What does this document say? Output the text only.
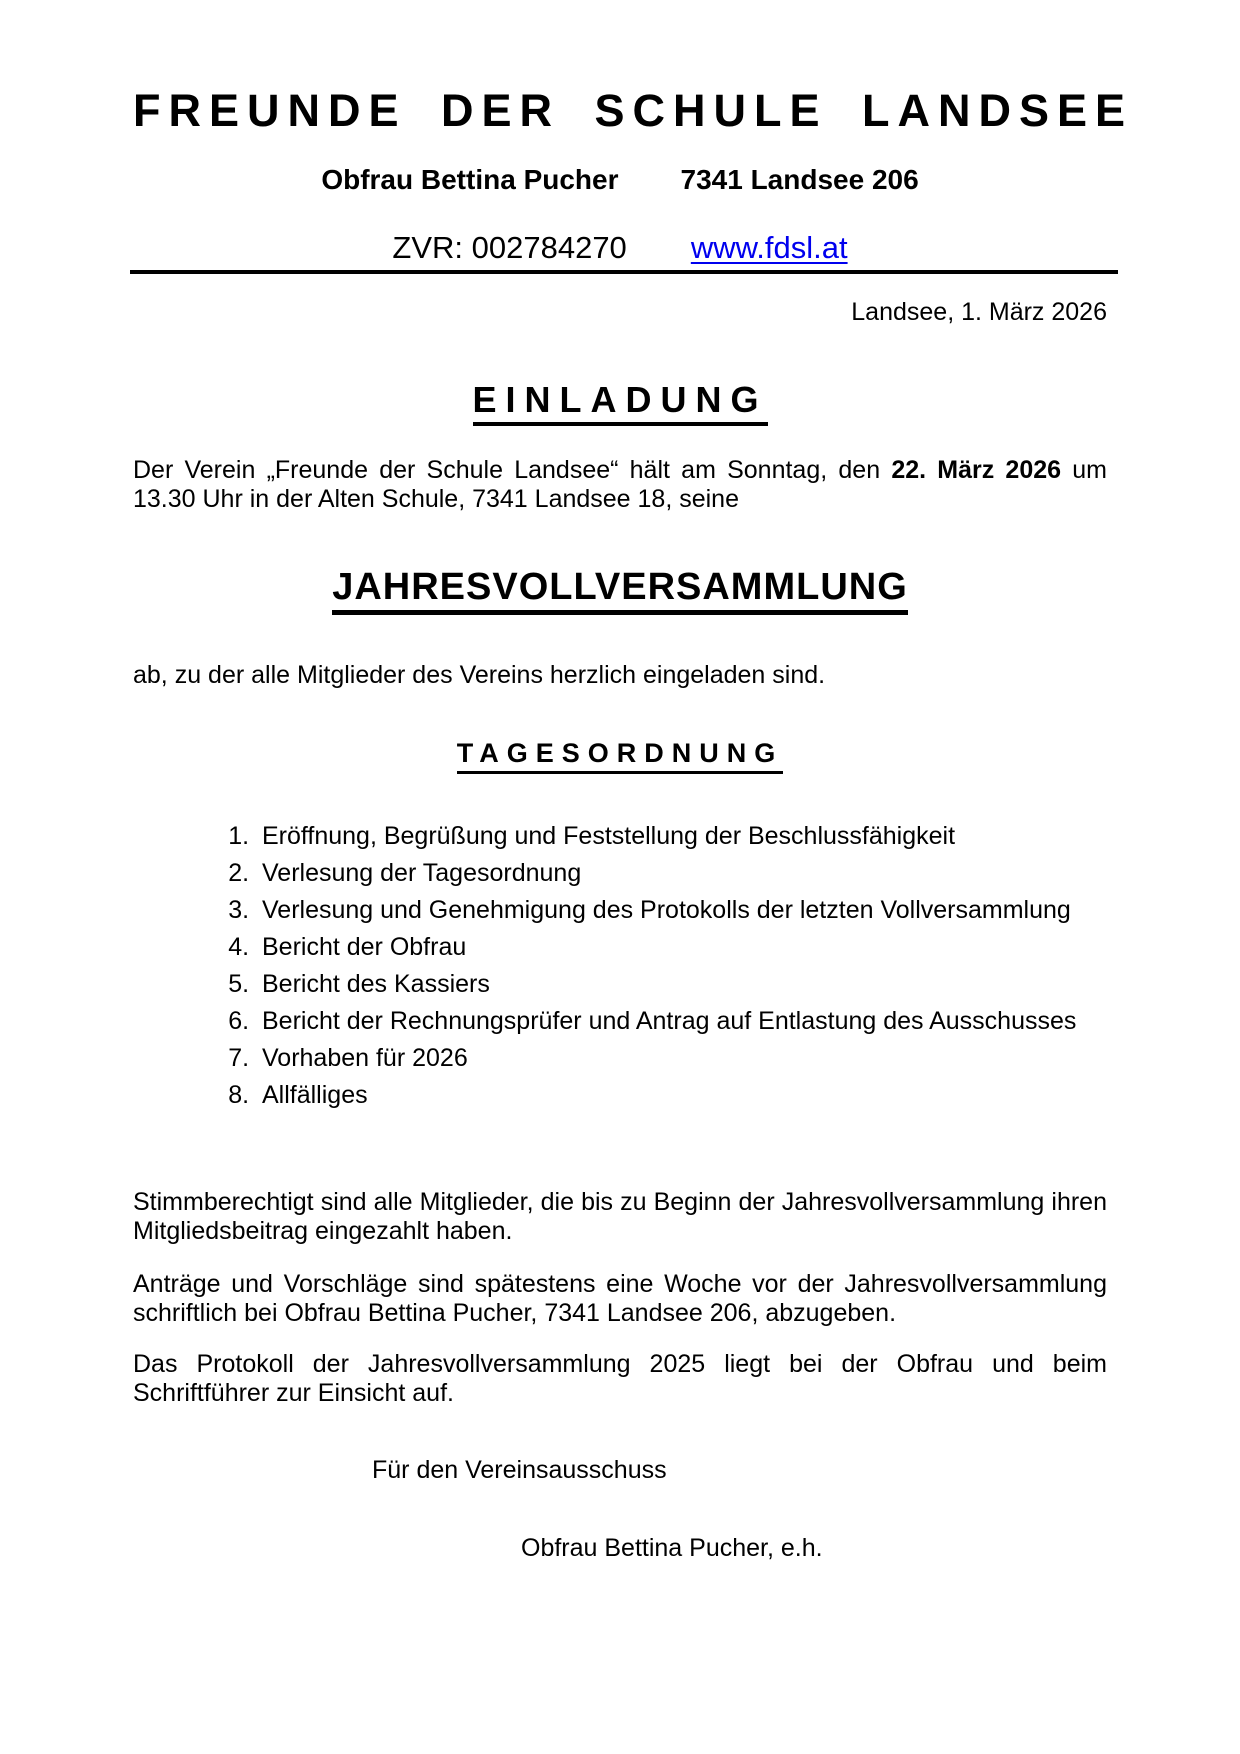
FREUNDE DER SCHULE LANDSEE
Obfrau Bettina Pucher 7341 Landsee 206
ZVR: 002784270 www.fdsl.at
Landsee, 1. März 2026
EINLADUNG

Der Verein „Freunde der Schule Landsee“ hält am Sonntag, den 22. März 2026 um 13.30 Uhr in der Alten Schule, 7341 Landsee 18, seine

JAHRESVOLLVERSAMMLUNG

ab, zu der alle Mitglieder des Vereins herzlich eingeladen sind.

TAGESORDNUNG
1. Eröffnung, Begrüßung und Feststellung der Beschlussfähigkeit
2. Verlesung der Tagesordnung
3. Verlesung und Genehmigung des Protokolls der letzten Vollversammlung
4. Bericht der Obfrau
5. Bericht des Kassiers
6. Bericht der Rechnungsprüfer und Antrag auf Entlastung des Ausschusses
7. Vorhaben für 2026
8. Allfälliges

Stimmberechtigt sind alle Mitglieder, die bis zu Beginn der Jahresvollversammlung ihren Mitgliedsbeitrag eingezahlt haben.

Anträge und Vorschläge sind spätestens eine Woche vor der Jahresvollversammlung schriftlich bei Obfrau Bettina Pucher, 7341 Landsee 206, abzugeben.

Das Protokoll der Jahresvollversammlung 2025 liegt bei der Obfrau und beim Schriftführer zur Einsicht auf.

Für den Vereinsausschuss
Obfrau Bettina Pucher, e.h.
